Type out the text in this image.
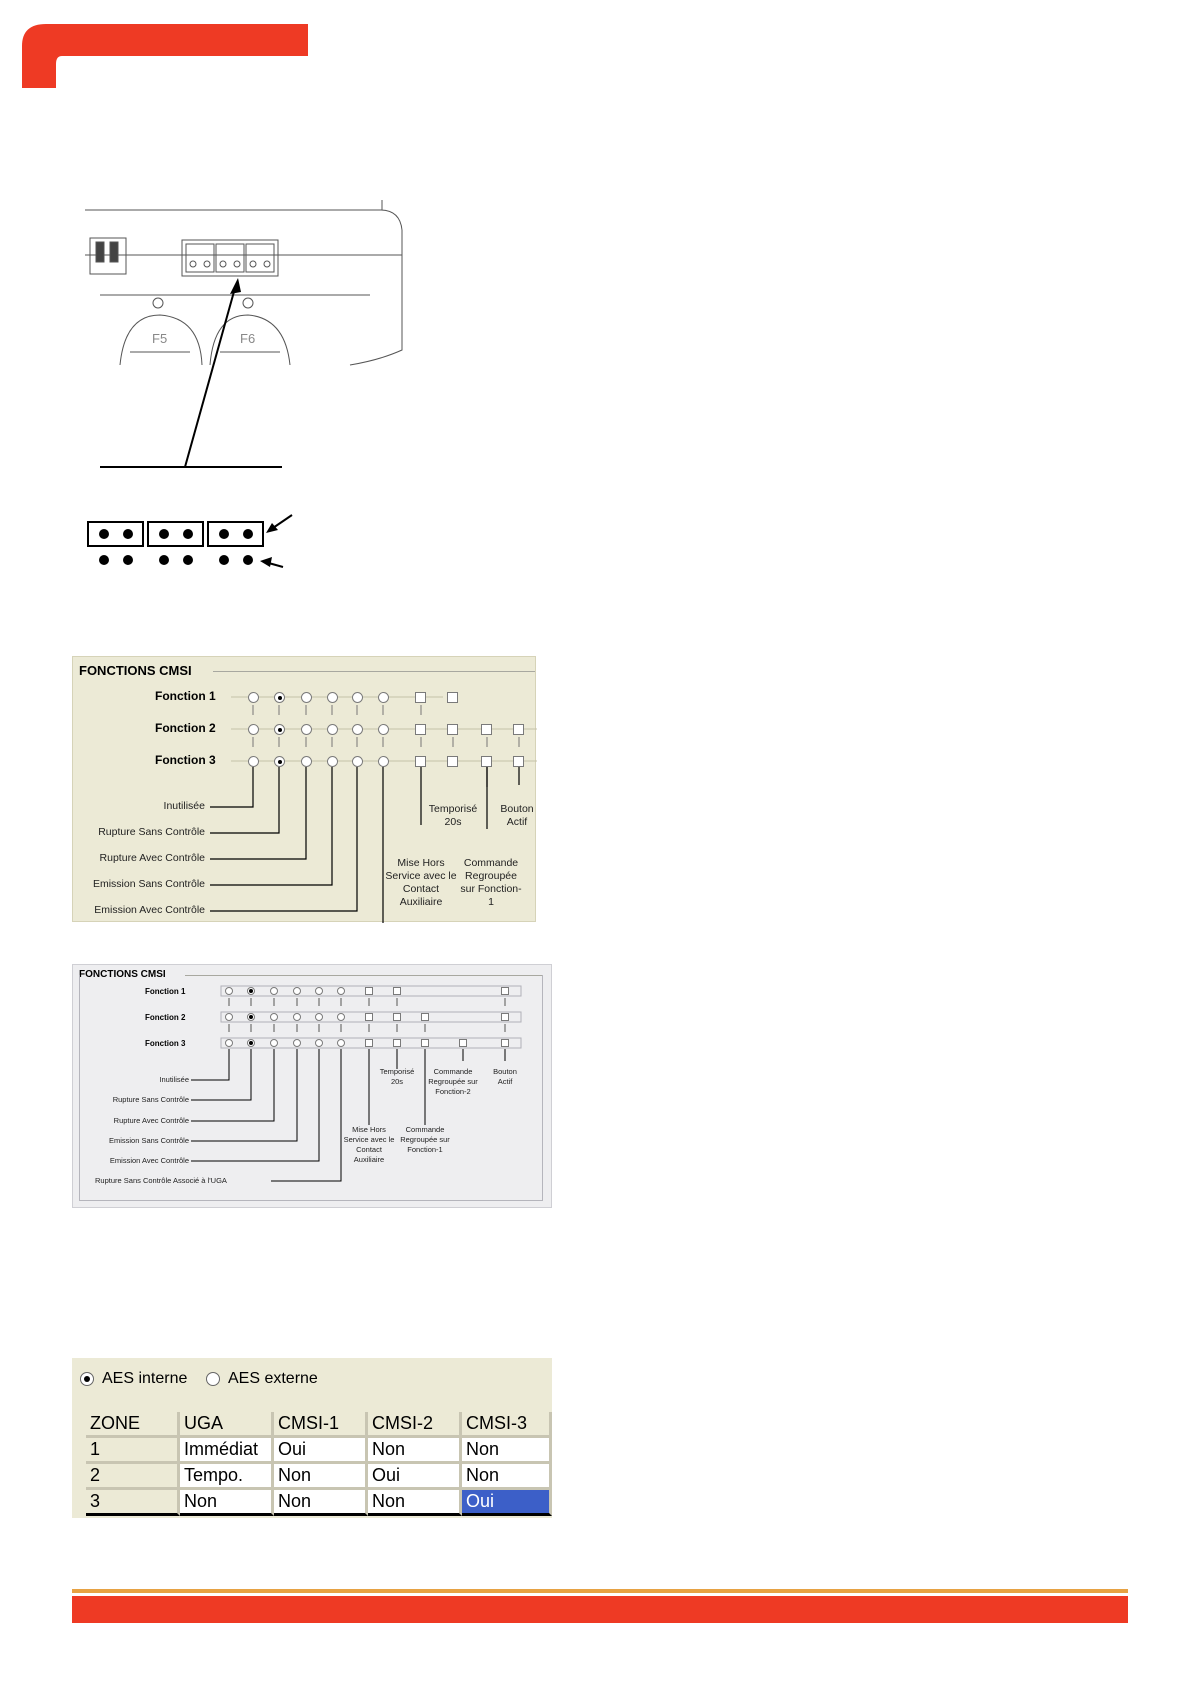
F5	F6
FONCTIONS CMSI
Fonction 1
Fonction 2
Fonction 3
Inutilisée
Rupture Sans Contrôle
Rupture Avec Contrôle
Emission Sans Contrôle
Emission Avec Contrôle
Temporisé 20s
Bouton Actif
Mise Hors Service avec le Contact Auxiliaire
Commande Regroupée sur Fonction-1
FONCTIONS CMSI
Fonction 1
Fonction 2
Fonction 3
Inutilisée
Rupture Sans Contrôle
Rupture Avec Contrôle
Emission Sans Contrôle
Emission Avec Contrôle
Rupture Sans Contrôle Associé à l'UGA
Temporisé 20s
Commande Regroupée sur Fonction-2
Bouton Actif
Mise Hors Service avec le Contact Auxiliaire
Commande Regroupée sur Fonction-1
AES interne	AES externe
ZONE	UGA	CMSI-1	CMSI-2	CMSI-3
1	Immédiat	Oui	Non	Non
2	Tempo.	Non	Oui	Non
3	Non	Non	Non	Oui
